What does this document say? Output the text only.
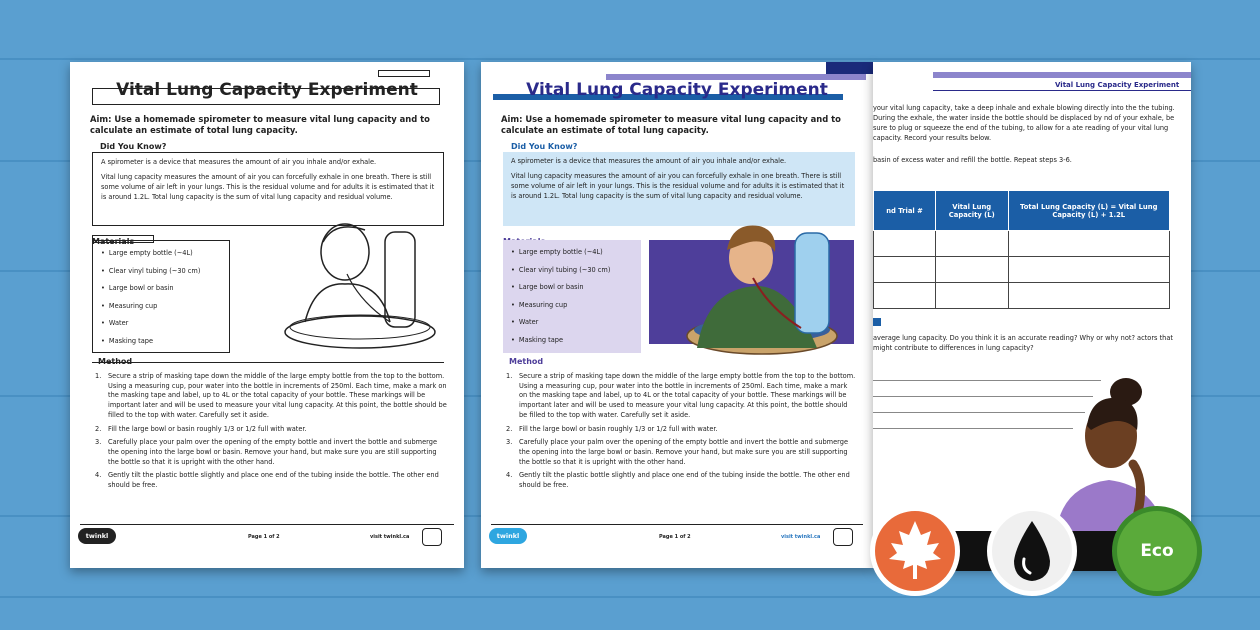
Vital Lung Capacity Experiment
Aim: Use a homemade spirometer to measure vital lung capacity and to calculate an estimate of total lung capacity.
Did You Know?

A spirometer is a device that measures the amount of air you inhale and/or exhale.

Vital lung capacity measures the amount of air you can forcefully exhale in one breath. There is still some volume of air left in your lungs. This is the residual volume and for adults it is estimated that it is around 1.2L. Total lung capacity is the sum of vital lung capacity and residual volume.

Materials
• Large empty bottle (~4L)
• Clear vinyl tubing (~30 cm)
• Large bowl or basin
• Measuring cup
• Water
• Masking tape
Method
1. Secure a strip of masking tape down the middle of the large empty bottle from the top to the bottom. Using a measuring cup, pour water into the bottle in increments of 250ml. Each time, make a mark on the masking tape and label, up to 4L or the total capacity of your bottle. These markings will be important later and will be used to measure your vital lung capacity. At this point, the bottle should be filled to the top with water. Carefully set it aside.
2. Fill the large bowl or basin roughly 1/3 or 1/2 full with water.
3. Carefully place your palm over the opening of the empty bottle and invert the bottle and submerge the opening into the large bowl or basin. Remove your hand, but make sure you are still supporting the bottle so that it is upright with the other hand.
4. Gently tilt the plastic bottle slightly and place one end of the tubing inside the bottle. The other end should be free.
twinkl	Page 1 of 2	visit twinkl.ca
Vital Lung Capacity Experiment
Aim: Use a homemade spirometer to measure vital lung capacity and to calculate an estimate of total lung capacity.
Did You Know?

A spirometer is a device that measures the amount of air you inhale and/or exhale.

Vital lung capacity measures the amount of air you can forcefully exhale in one breath. There is still some volume of air left in your lungs. This is the residual volume and for adults it is estimated that it is around 1.2L. Total lung capacity is the sum of vital lung capacity and residual volume.

• Large empty bottle (~4L)
• Clear vinyl tubing (~30 cm)
• Large bowl or basin
• Measuring cup
• Water
• Masking tape
Method
1. Secure a strip of masking tape down the middle of the large empty bottle from the top to the bottom. Using a measuring cup, pour water into the bottle in increments of 250ml. Each time, make a mark on the masking tape and label, up to 4L or the total capacity of your bottle. These markings will be important later and will be used to measure your vital lung capacity. At this point, the bottle should be filled to the top with water. Carefully set it aside.
2. Fill the large bowl or basin roughly 1/3 or 1/2 full with water.
3. Carefully place your palm over the opening of the empty bottle and invert the bottle and submerge the opening into the large bowl or basin. Remove your hand, but make sure you are still supporting the bottle so that it is upright with the other hand.
4. Gently tilt the plastic bottle slightly and place one end of the tubing inside the bottle. The other end should be free.
twinkl	Page 1 of 2	visit twinkl.ca
Vital Lung Capacity Experiment
your vital lung capacity, take a deep inhale and exhale blowing directly into the the tubing. During the exhale, the water inside the bottle should be displaced by nd of your exhale, be sure to plug or squeeze the end of the tubing, to allow for a ate reading of your vital lung capacity. Record your results below.
basin of excess water and refill the bottle. Repeat steps 3-6.
nd Trial #	Vital Lung Capacity (L)	Total Lung Capacity (L) = Vital Lung Capacity (L) + 1.2L

average lung capacity. Do you think it is an accurate reading? Why or why not? actors that might contribute to differences in lung capacity?
Eco
